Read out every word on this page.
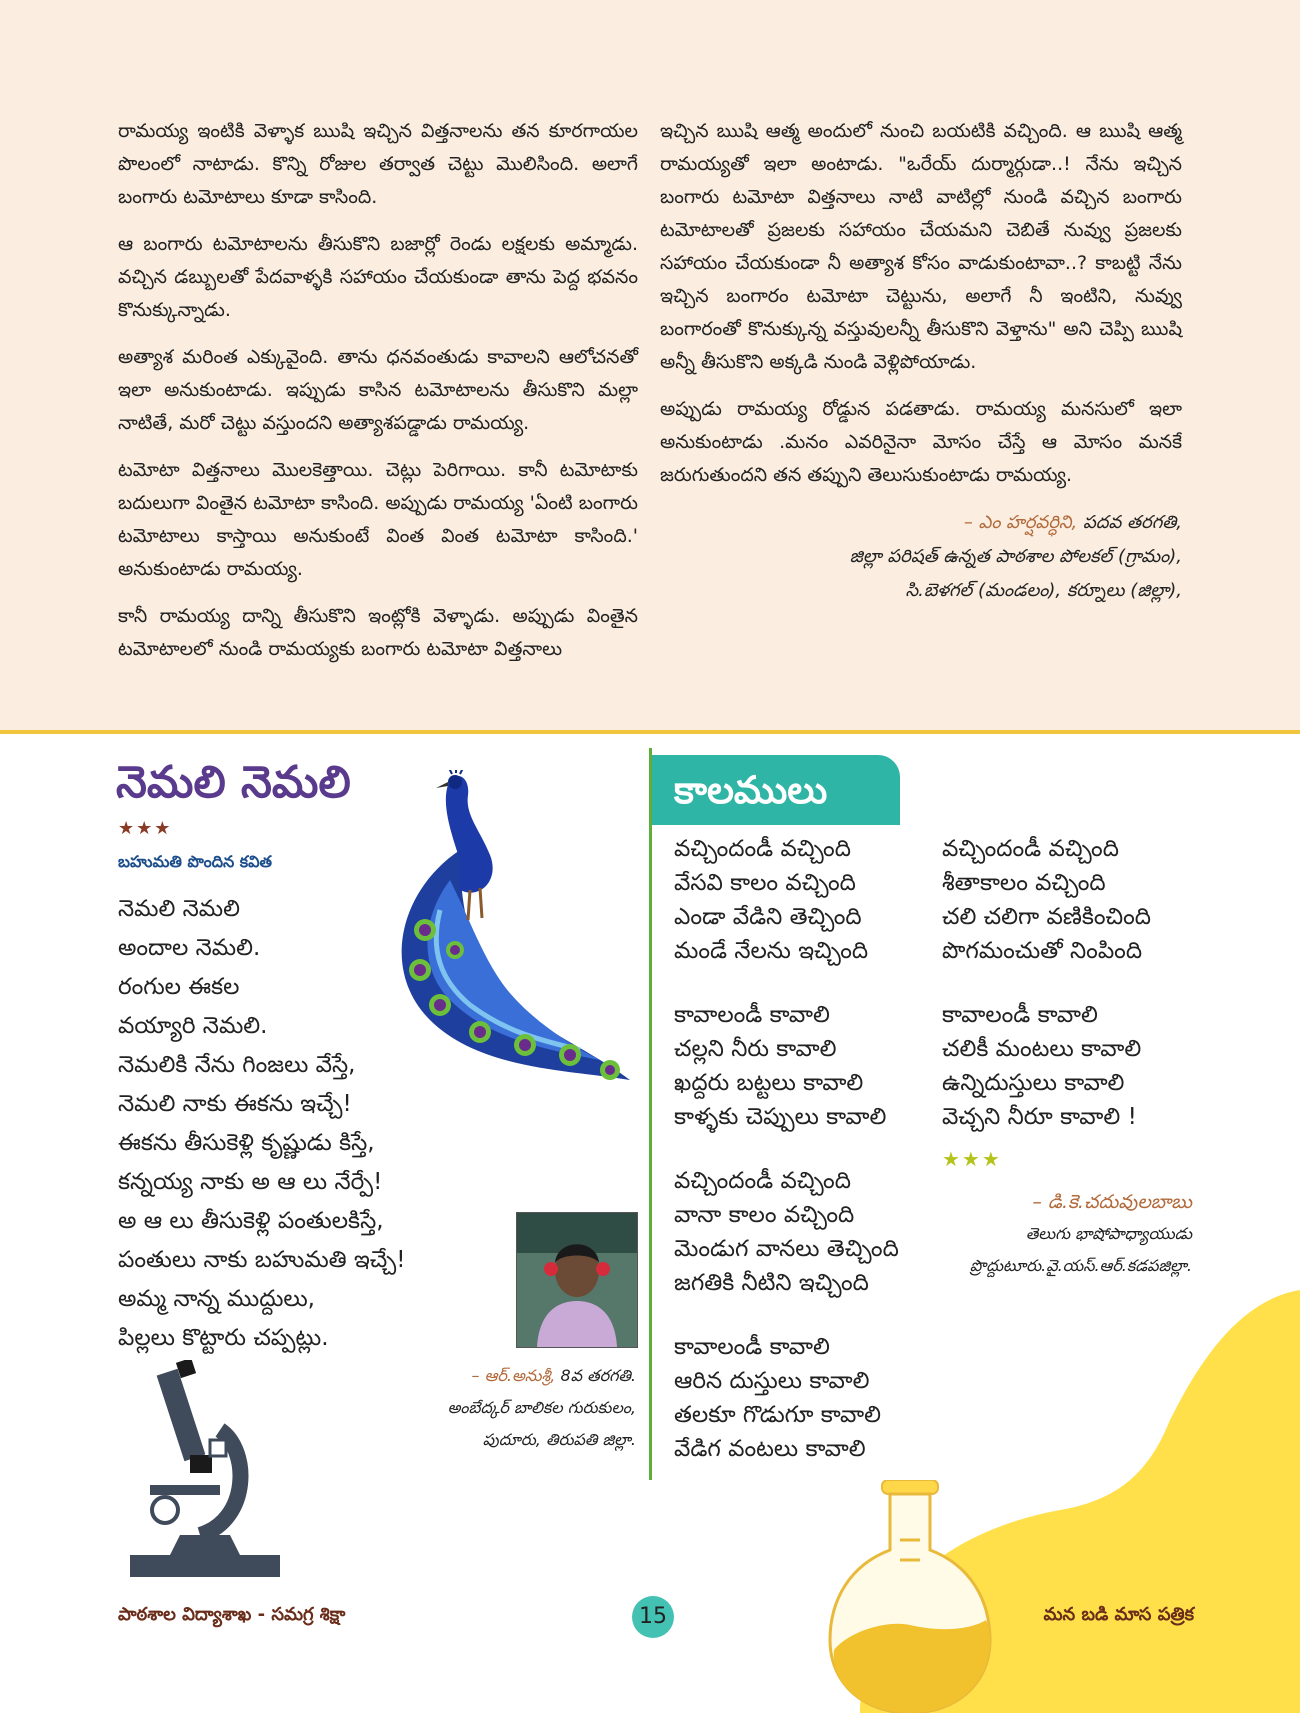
రామయ్య ఇంటికి వెళ్ళాక ఋషి ఇచ్చిన విత్తనాలను తన కూరగాయల పొలంలో నాటాడు. కొన్ని రోజుల తర్వాత చెట్టు మొలిసింది. అలాగే బంగారు టమోటాలు కూడా కాసింది.

ఆ బంగారు టమోటాలను తీసుకొని బజార్లో రెండు లక్షలకు అమ్మాడు. వచ్చిన డబ్బులతో పేదవాళ్ళకి సహాయం చేయకుండా తాను పెద్ద భవనం కొనుక్కున్నాడు.

అత్యాశ మరింత ఎక్కువైంది. తాను ధనవంతుడు కావాలని ఆలోచనతో ఇలా అనుకుంటాడు. ఇప్పుడు కాసిన టమోటాలను తీసుకొని మల్లా నాటితే, మరో చెట్టు వస్తుందని అత్యాశపడ్డాడు రామయ్య.

టమోటా విత్తనాలు మొలకెత్తాయి. చెట్లు పెరిగాయి. కానీ టమోటాకు బదులుగా వింతైన టమోటా కాసింది. అప్పుడు రామయ్య 'ఏంటి బంగారు టమోటాలు కాస్తాయి అనుకుంటే వింత వింత టమోటా కాసింది.' అనుకుంటాడు రామయ్య.

కానీ రామయ్య దాన్ని తీసుకొని ఇంట్లోకి వెళ్ళాడు. అప్పుడు వింతైన టమోటాలలో నుండి రామయ్యకు బంగారు టమోటా విత్తనాలు

ఇచ్చిన ఋషి ఆత్మ అందులో నుంచి బయటికి వచ్చింది. ఆ ఋషి ఆత్మ రామయ్యతో ఇలా అంటాడు. "ఒరేయ్ దుర్మార్గుడా..! నేను ఇచ్చిన బంగారు టమోటా విత్తనాలు నాటి వాటిల్లో నుండి వచ్చిన బంగారు టమోటాలతో ప్రజలకు సహాయం చేయమని చెబితే నువ్వు ప్రజలకు సహాయం చేయకుండా నీ అత్యాశ కోసం వాడుకుంటావా..? కాబట్టి నేను ఇచ్చిన బంగారం టమోటా చెట్టును, అలాగే నీ ఇంటిని, నువ్వు బంగారంతో కొనుక్కున్న వస్తువులన్నీ తీసుకొని వెళ్తాను" అని చెప్పి ఋషి అన్నీ తీసుకొని అక్కడి నుండి వెళ్లిపోయాడు.

అప్పుడు రామయ్య రోడ్డున పడతాడు. రామయ్య మనసులో ఇలా అనుకుంటాడు .మనం ఎవరినైనా మోసం చేస్తే ఆ మోసం మనకే జరుగుతుందని తన తప్పుని తెలుసుకుంటాడు రామయ్య.

– ఎం హర్షవర్ధిని, పదవ తరగతి,
జిల్లా పరిషత్ ఉన్నత పాఠశాల పోలకల్ (గ్రామం),
సి.బెళగల్ (మండలం), కర్నూలు (జిల్లా),
నెమలి నెమలి
★★★
బహుమతి పొందిన కవిత
నెమలి నెమలి
అందాల నెమలి.
రంగుల ఈకల
వయ్యారి నెమలి.
నెమలికి నేను గింజలు వేస్తే,
నెమలి నాకు ఈకను ఇచ్చే!
ఈకను తీసుకెళ్లి కృష్ణుడు కిస్తే,
కన్నయ్య నాకు అ ఆ లు నేర్పే!
అ ఆ లు తీసుకెళ్లి పంతులకిస్తే,
పంతులు నాకు బహుమతి ఇచ్చే!
అమ్మ నాన్న ముద్దులు,
పిల్లలు కొట్టారు చప్పట్లు.
– ఆర్.అనుశ్రీ, 8వ తరగతి.
అంబేద్కర్ బాలికల గురుకులం,
పుదూరు, తిరుపతి జిల్లా.
కాలములు
వచ్చిందండీ వచ్చింది
వేసవి కాలం వచ్చింది
ఎండా వేడిని తెచ్చింది
మండే నేలను ఇచ్చింది
కావాలండీ కావాలి
చల్లని నీరు కావాలి
ఖద్దరు బట్టలు కావాలి
కాళ్ళకు చెప్పులు కావాలి
వచ్చిందండీ వచ్చింది
వానా కాలం వచ్చింది
మెండుగ వానలు తెచ్చింది
జగతికి నీటిని ఇచ్చింది
కావాలండీ కావాలి
ఆరిన దుస్తులు కావాలి
తలకూ గొడుగూ కావాలి
వేడిగ వంటలు కావాలి
వచ్చిందండీ వచ్చింది
శీతాకాలం వచ్చింది
చలి చలిగా వణికించింది
పొగమంచుతో నింపింది
కావాలండీ కావాలి
చలికీ మంటలు కావాలి
ఉన్నిదుస్తులు కావాలి
వెచ్చని నీరూ కావాలి !
★★★
– డి.కె.చదువులబాబు
తెలుగు భాషోపాధ్యాయుడు
ప్రొద్దుటూరు.వై.యస్.ఆర్.కడపజిల్లా.
పాఠశాల విద్యాశాఖ - సమగ్ర శిక్షా	15	మన బడి మాస పత్రిక
